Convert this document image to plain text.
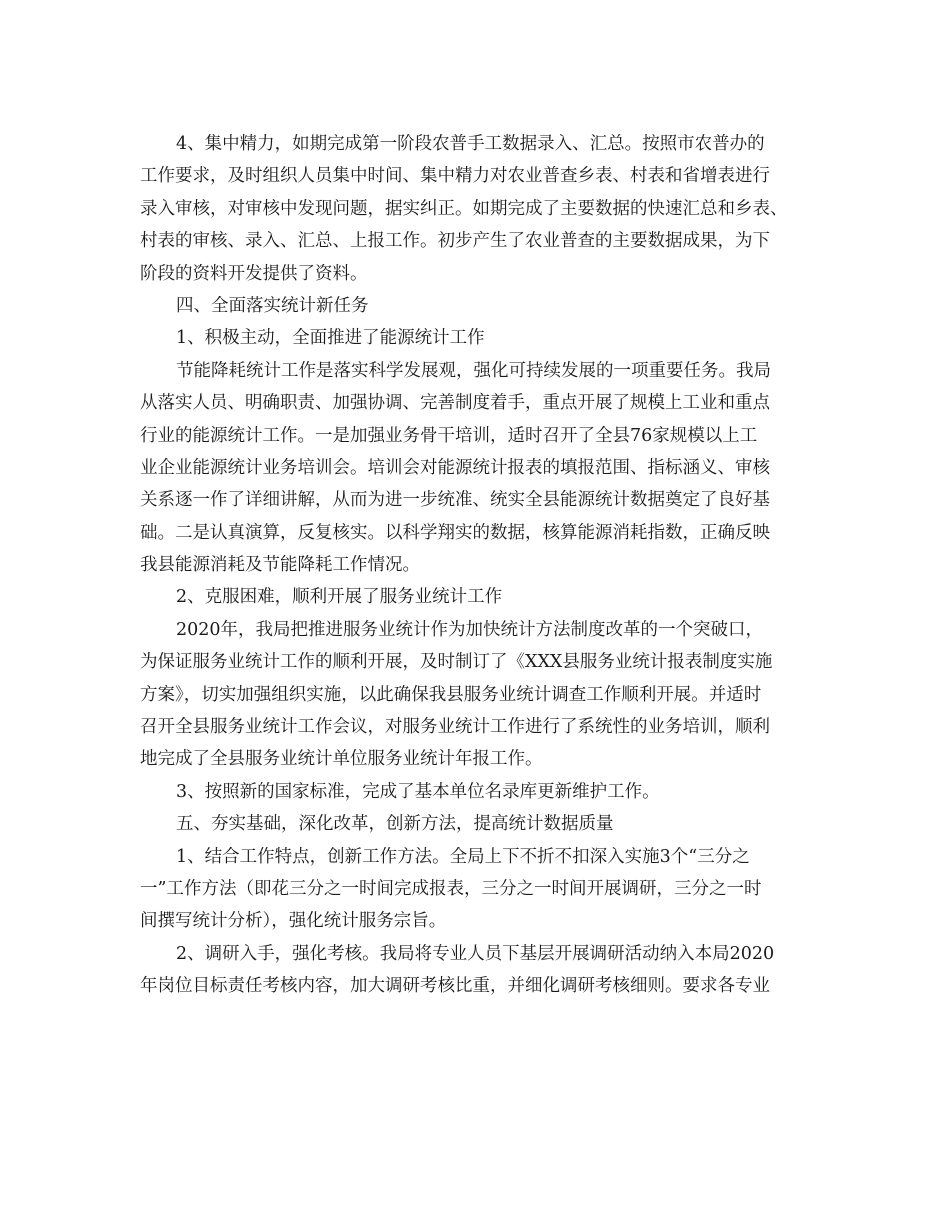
4、集中精力，如期完成第一阶段农普手工数据录入、汇总。按照市农普办的
工作要求，及时组织人员集中时间、集中精力对农业普查乡表、村表和省增表进行
录入审核，对审核中发现问题，据实纠正。如期完成了主要数据的快速汇总和乡表、
村表的审核、录入、汇总、上报工作。初步产生了农业普查的主要数据成果，为下
阶段的资料开发提供了资料。
四、全面落实统计新任务
1、积极主动，全面推进了能源统计工作
节能降耗统计工作是落实科学发展观，强化可持续发展的一项重要任务。我局
从落实人员、明确职责、加强协调、完善制度着手，重点开展了规模上工业和重点
行业的能源统计工作。一是加强业务骨干培训，适时召开了全县76家规模以上工
业企业能源统计业务培训会。培训会对能源统计报表的填报范围、指标涵义、审核
关系逐一作了详细讲解，从而为进一步统准、统实全县能源统计数据奠定了良好基
础。二是认真演算，反复核实。以科学翔实的数据，核算能源消耗指数，正确反映
我县能源消耗及节能降耗工作情况。
2、克服困难，顺利开展了服务业统计工作
2020年，我局把推进服务业统计作为加快统计方法制度改革的一个突破口，
为保证服务业统计工作的顺利开展，及时制订了《XXX县服务业统计报表制度实施
方案》，切实加强组织实施，以此确保我县服务业统计调查工作顺利开展。并适时
召开全县服务业统计工作会议，对服务业统计工作进行了系统性的业务培训，顺利
地完成了全县服务业统计单位服务业统计年报工作。
3、按照新的国家标准，完成了基本单位名录库更新维护工作。
五、夯实基础，深化改革，创新方法，提高统计数据质量
1、结合工作特点，创新工作方法。全局上下不折不扣深入实施3个“三分之
一”工作方法（即花三分之一时间完成报表，三分之一时间开展调研，三分之一时
间撰写统计分析），强化统计服务宗旨。
2、调研入手，强化考核。我局将专业人员下基层开展调研活动纳入本局2020
年岗位目标责任考核内容，加大调研考核比重，并细化调研考核细则。要求各专业
